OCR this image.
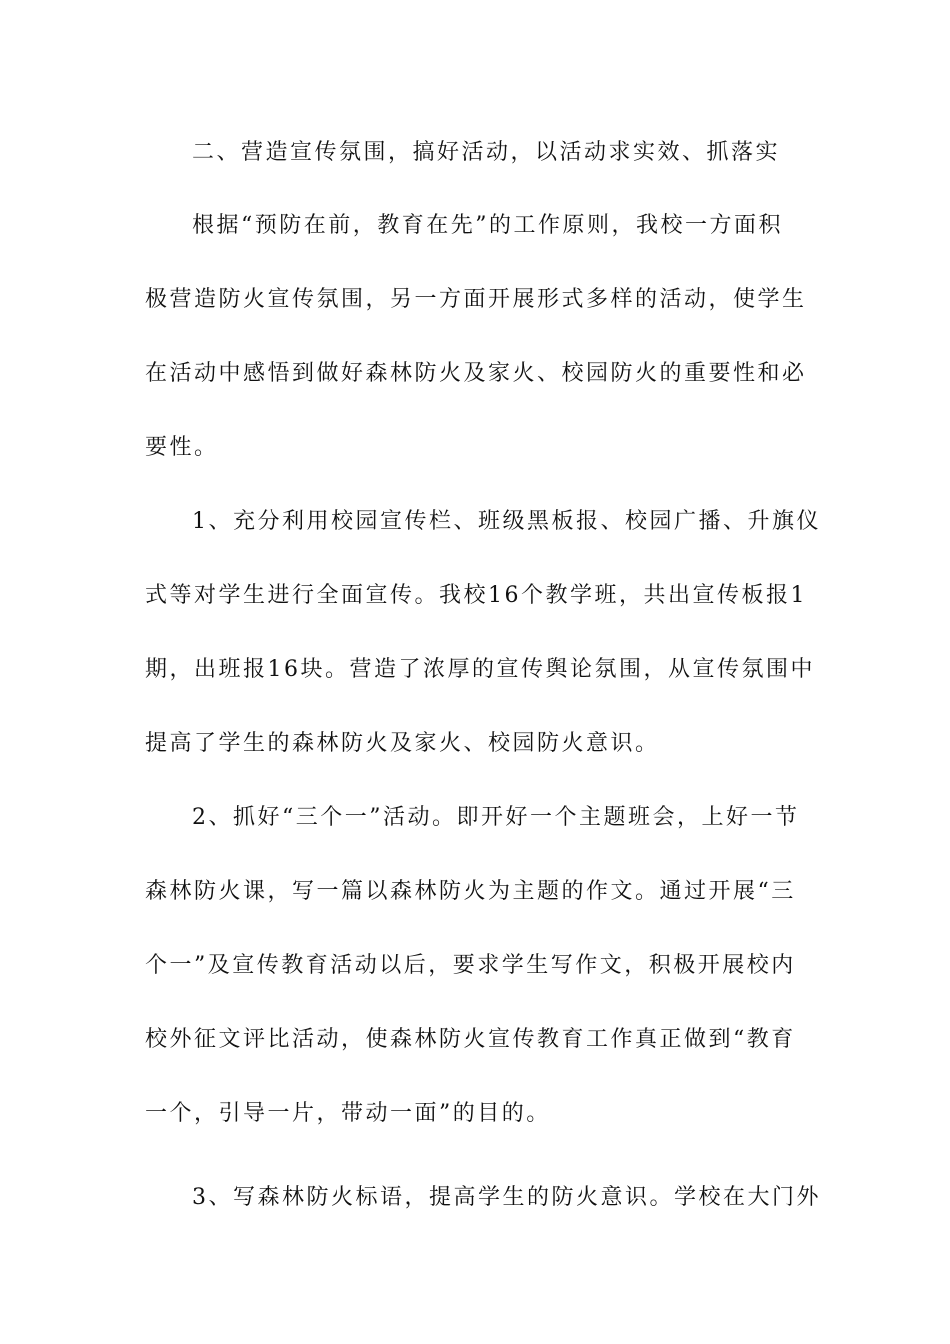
二、营造宣传氛围，搞好活动，以活动求实效、抓落实
根据“预防在前，教育在先”的工作原则，我校一方面积
极营造防火宣传氛围，另一方面开展形式多样的活动，使学生
在活动中感悟到做好森林防火及家火、校园防火的重要性和必
要性。
1、充分利用校园宣传栏、班级黑板报、校园广播、升旗仪
式等对学生进行全面宣传。我校16个教学班，共出宣传板报1
期，出班报16块。营造了浓厚的宣传舆论氛围，从宣传氛围中
提高了学生的森林防火及家火、校园防火意识。
2、抓好“三个一”活动。即开好一个主题班会，上好一节
森林防火课，写一篇以森林防火为主题的作文。通过开展“三
个一”及宣传教育活动以后，要求学生写作文，积极开展校内
校外征文评比活动，使森林防火宣传教育工作真正做到“教育
一个，引导一片，带动一面”的目的。
3、写森林防火标语，提高学生的防火意识。学校在大门外
